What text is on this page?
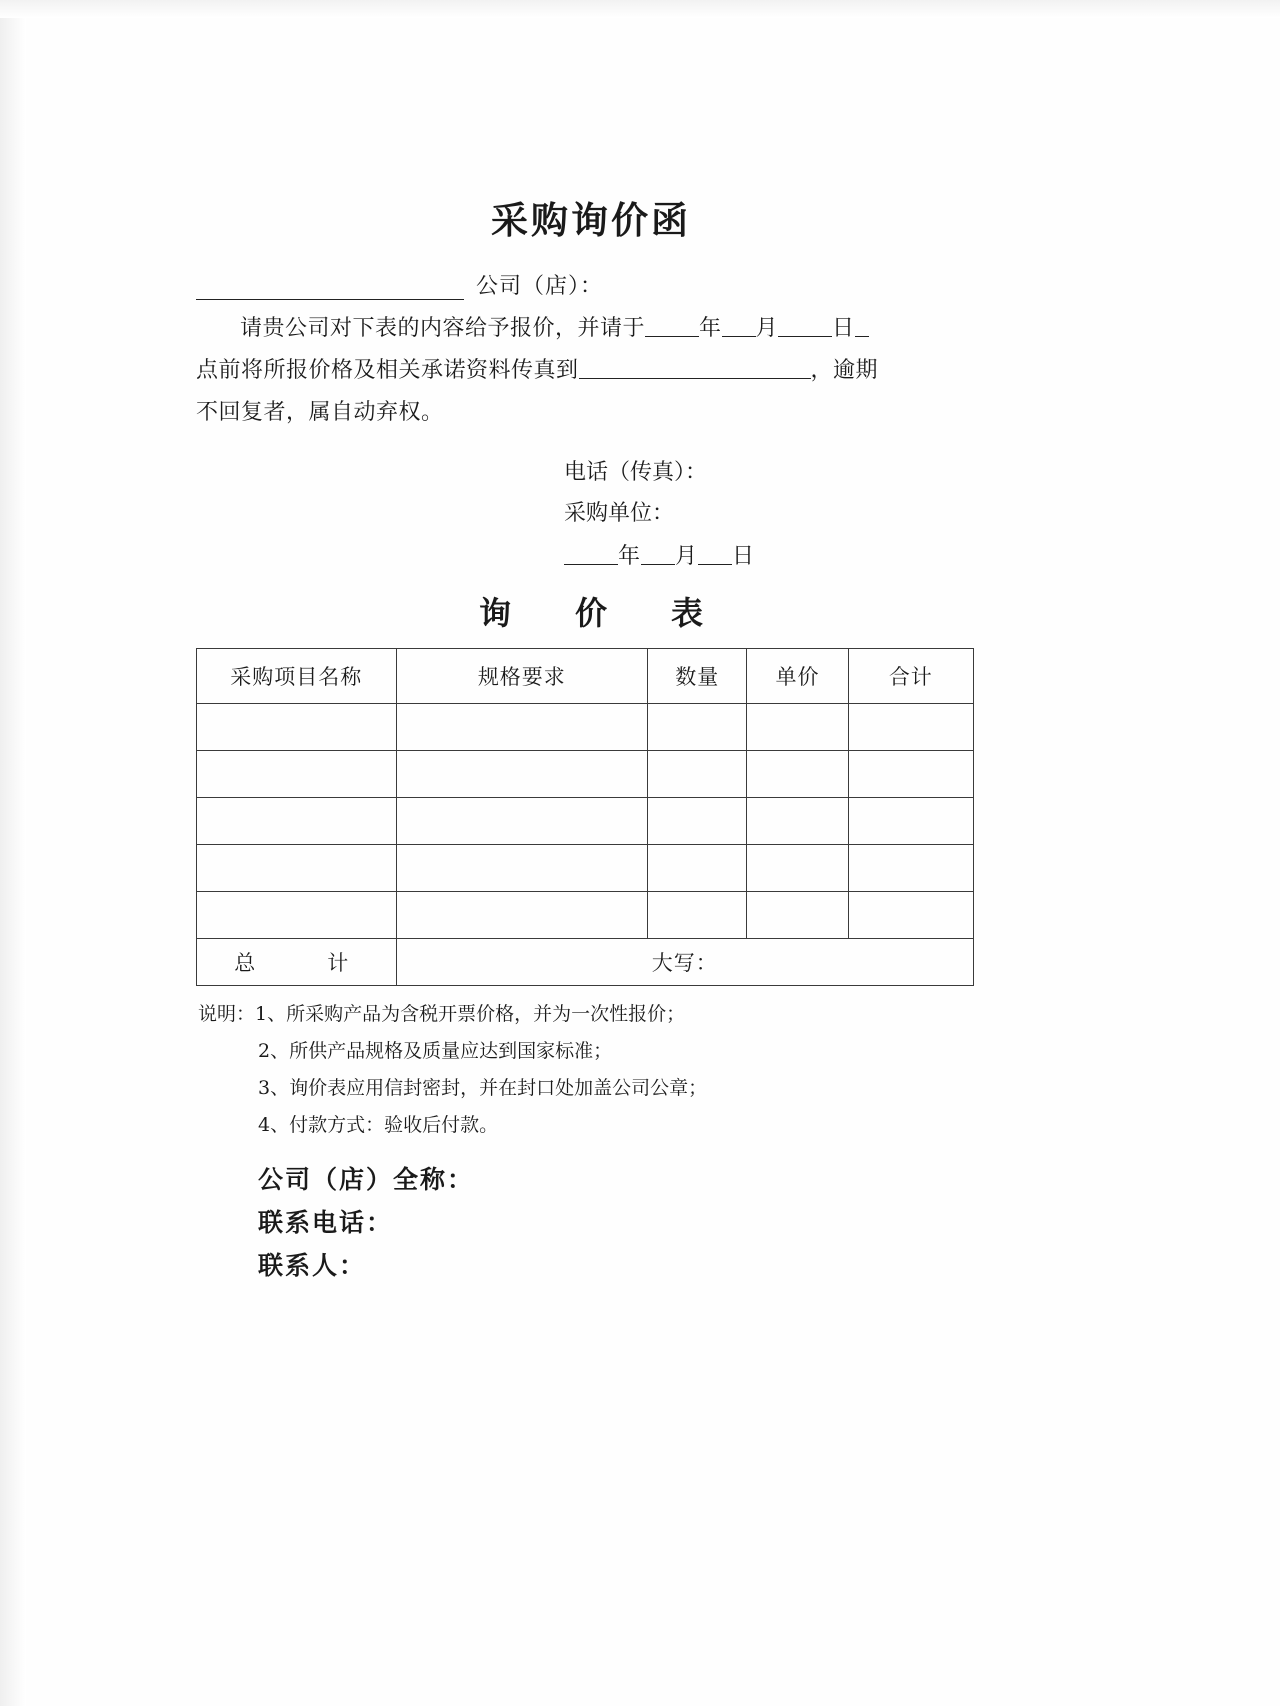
采购询价函
公司（店）：

请贵公司对下表的内容给予报价，并请于 年 月 日

点前将所报价格及相关承诺资料传真到	，逾期

不回复者，属自动弃权。

电话（传真）：
采购单位：
年 月 日
询　价　表
采购项目名称	规格要求	数量	单价	合计

总　　计	大写：			
说明：1、所采购产品为含税开票价格，并为一次性报价；
2、所供产品规格及质量应达到国家标准；
3、询价表应用信封密封，并在封口处加盖公司公章；
4、付款方式：验收后付款。
公司（店）全称：
联系电话：
联系人：
